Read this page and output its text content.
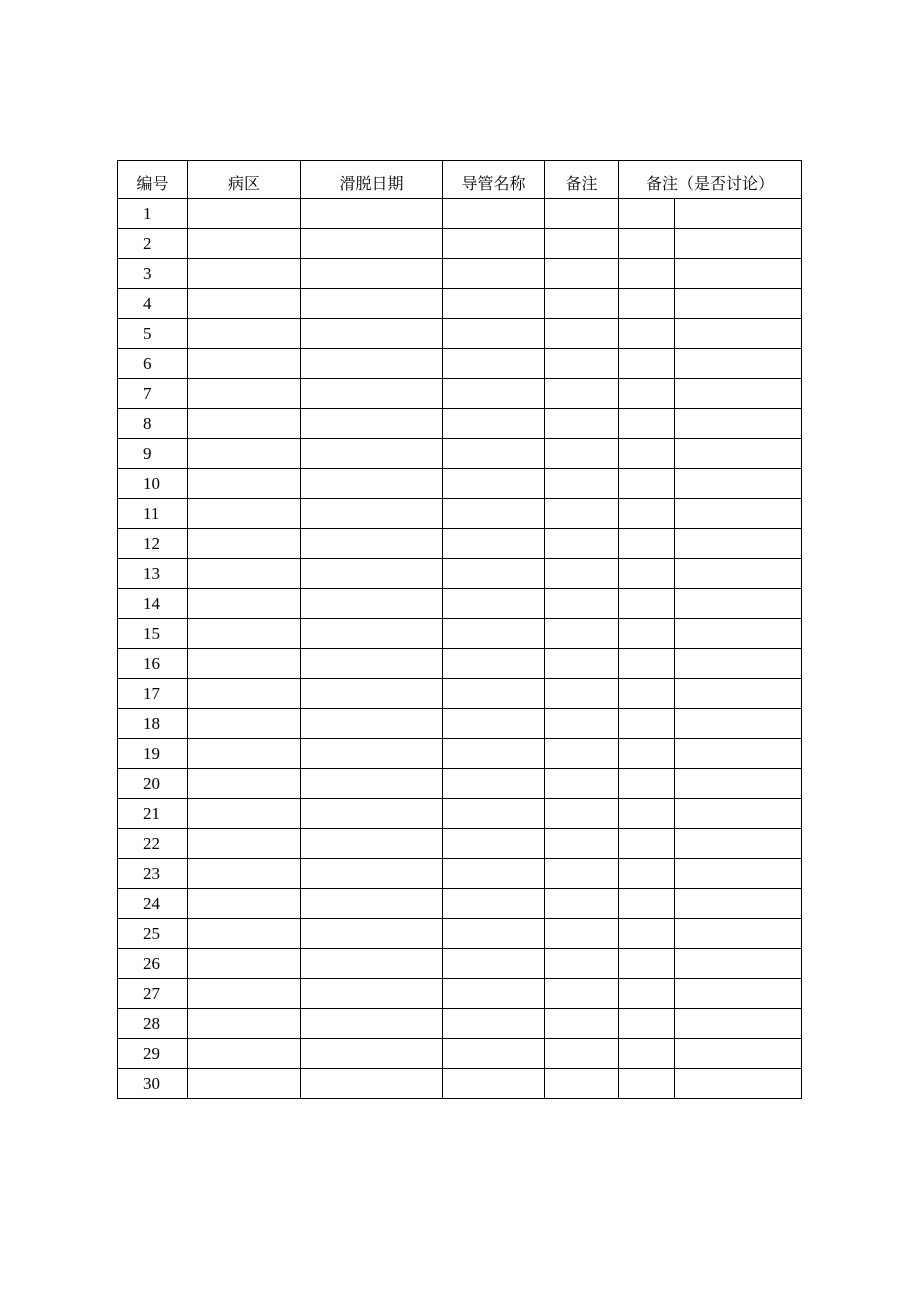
编号	病区	滑脱日期	导管名称	备注	备注（是否讨论）	
1						
2						
3						
4						
5						
6						
7						
8						
9						
10						
11						
12						
13						
14						
15						
16						
17						
18						
19						
20						
21						
22						
23						
24						
25						
26						
27						
28						
29						
30						
